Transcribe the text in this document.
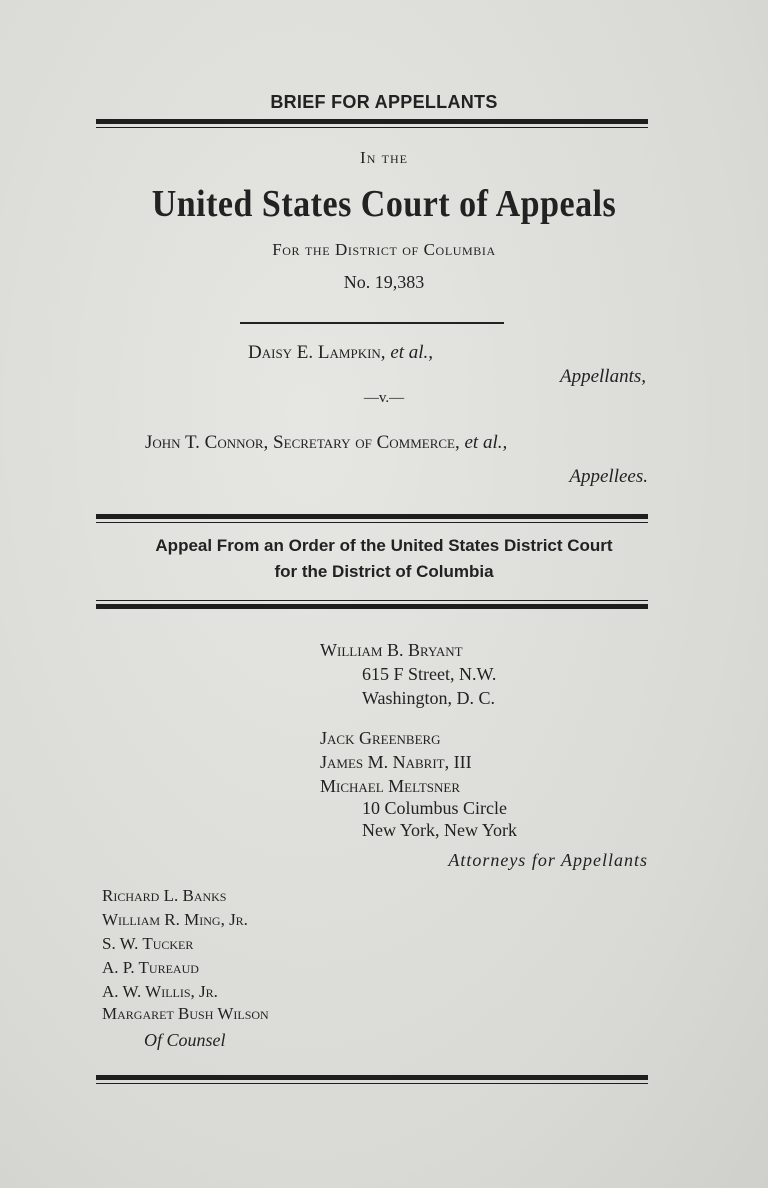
BRIEF FOR APPELLANTS
In the
United States Court of Appeals
For the District of Columbia
No. 19,383
Daisy E. Lampkin, et al.,
Appellants,
—v.—
John T. Connor, Secretary of Commerce, et al.,
Appellees.
Appeal From an Order of the United States District Court
for the District of Columbia
William B. Bryant
615 F Street, N.W.
Washington, D. C.
Jack Greenberg
James M. Nabrit, III
Michael Meltsner
10 Columbus Circle
New York, New York
Attorneys for Appellants
Richard L. Banks
William R. Ming, Jr.
S. W. Tucker
A. P. Tureaud
A. W. Willis, Jr.
Margaret Bush Wilson
Of Counsel
